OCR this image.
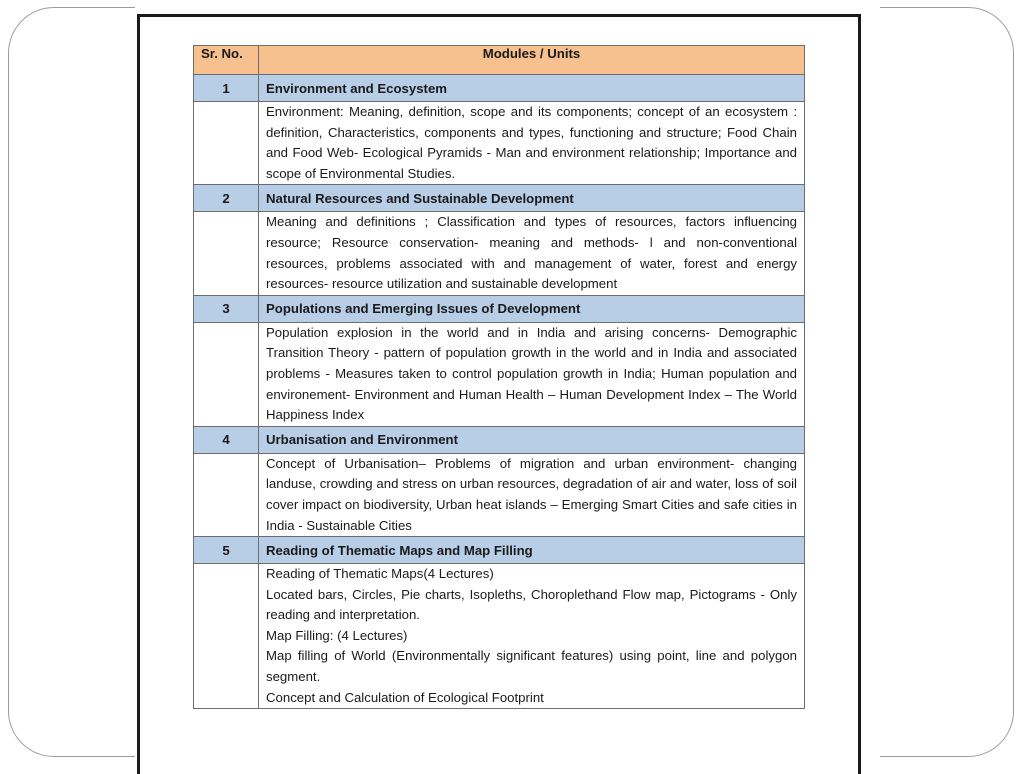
Sr. No.	Modules / Units
1	Environment and Ecosystem

	Environment: Meaning, definition, scope and its components; concept of an ecosystem : definition, Characteristics, components and types, functioning and structure; Food Chain and Food Web- Ecological Pyramids - Man and environment relationship; Importance and scope of Environmental Studies.

2	Natural Resources and Sustainable Development

	Meaning and definitions ; Classification and types of resources, factors influencing resource; Resource conservation- meaning and methods- l and non-conventional resources, problems associated with and management of water, forest and energy resources- resource utilization and sustainable development

3	Populations and Emerging Issues of Development

	Population explosion in the world and in India and arising concerns- Demographic Transition Theory - pattern of population growth in the world and in India and associated problems - Measures taken to control population growth in India; Human population and environement- Environment and Human Health – Human Development Index – The World Happiness Index

4	Urbanisation and Environment

	Concept of Urbanisation– Problems of migration and urban environment- changing landuse, crowding and stress on urban resources, degradation of air and water, loss of soil cover impact on biodiversity, Urban heat islands – Emerging Smart Cities and safe cities in India - Sustainable Cities

5	Reading of Thematic Maps and Map Filling

	Reading of Thematic Maps(4 Lectures)

Located bars, Circles, Pie charts, Isopleths, Choroplethand Flow map, Pictograms - Only reading and interpretation.

Map Filling: (4 Lectures)

Map filling of World (Environmentally significant features) using point, line and polygon segment.

Concept and Calculation of Ecological Footprint
